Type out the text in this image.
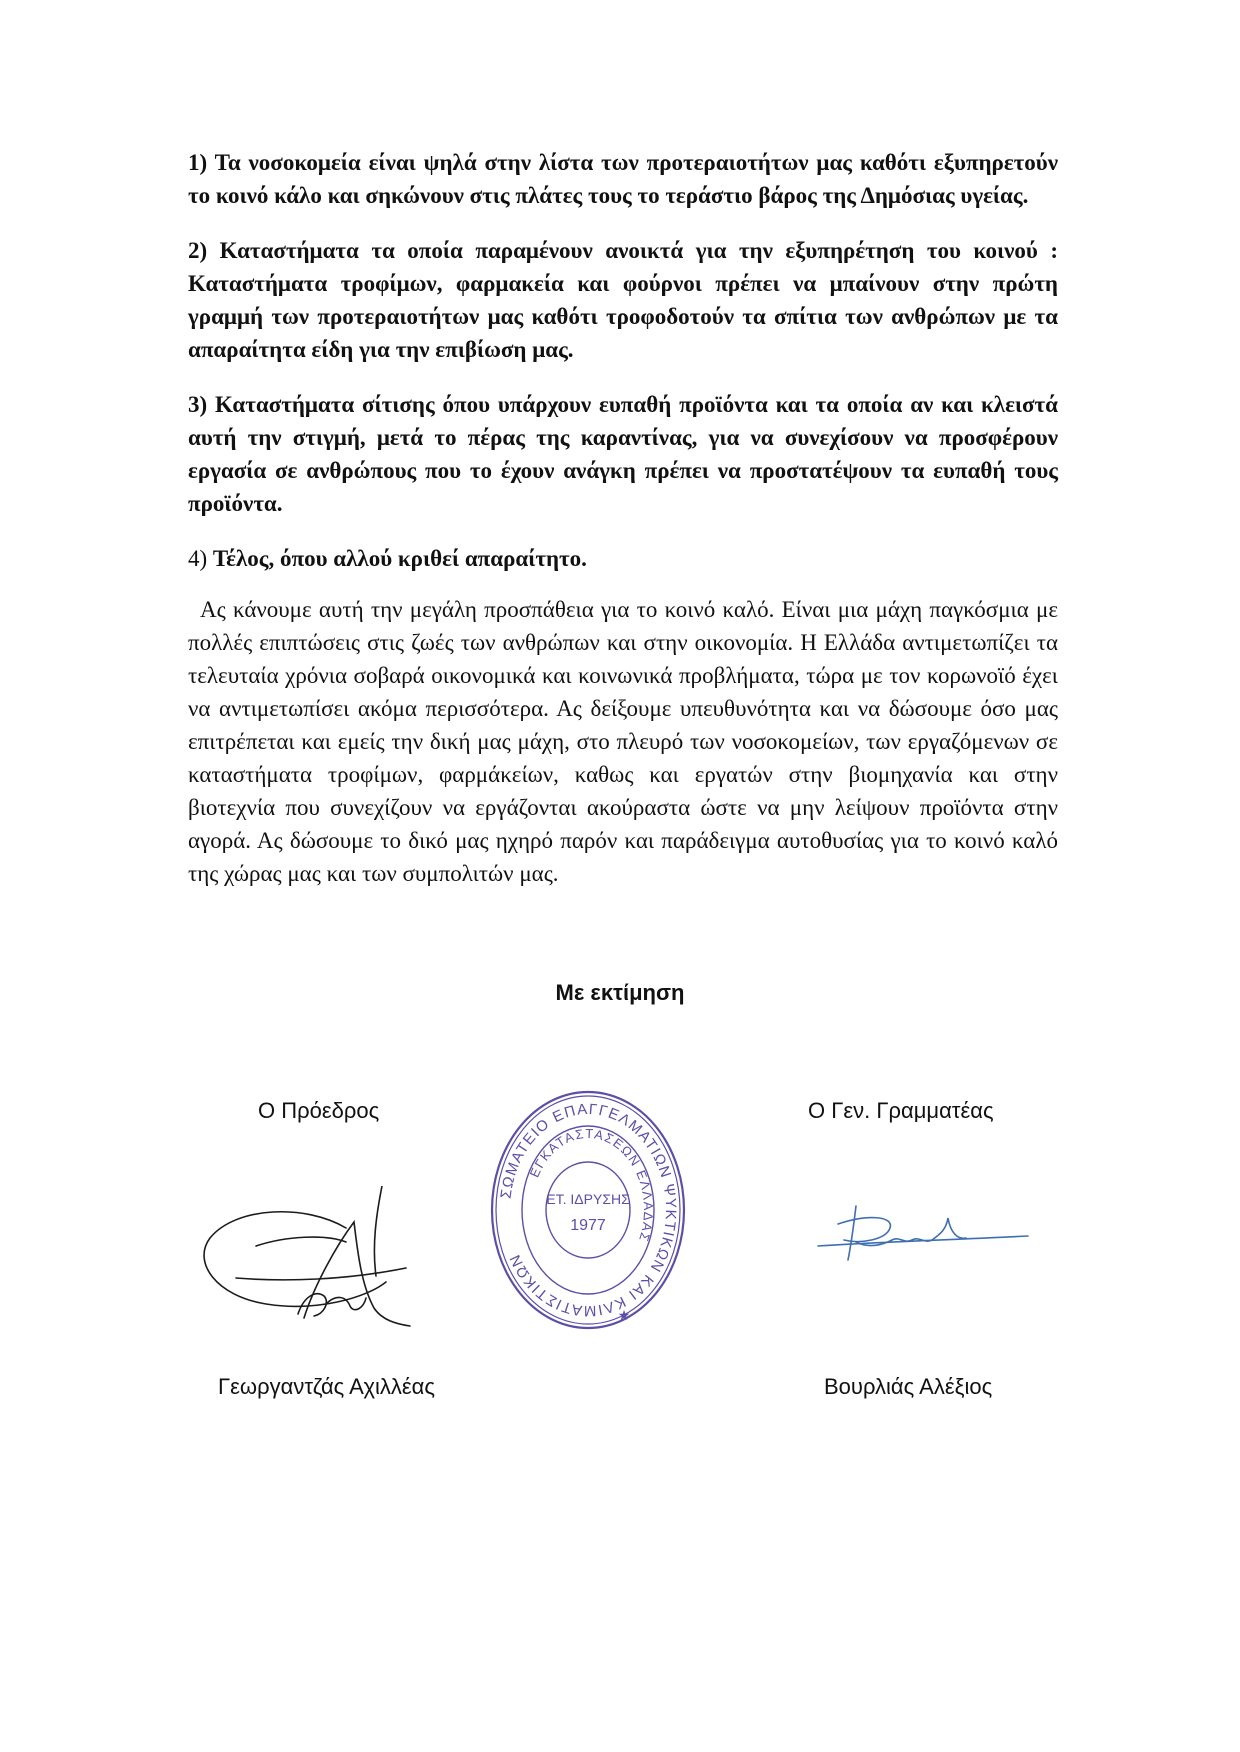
1) Τα νοσοκομεία είναι ψηλά στην λίστα των προτεραιοτήτων μας καθότι εξυπηρετούν το κοινό κάλο και σηκώνουν στις πλάτες τους το τεράστιο βάρος της Δημόσιας υγείας.

2) Καταστήματα τα οποία παραμένουν ανοικτά για την εξυπηρέτηση του κοινού : Καταστήματα τροφίμων, φαρμακεία και φούρνοι πρέπει να μπαίνουν στην πρώτη γραμμή των προτεραιοτήτων μας καθότι τροφοδοτούν τα σπίτια των ανθρώπων με τα απαραίτητα είδη για την επιβίωση μας.

3) Καταστήματα σίτισης όπου υπάρχουν ευπαθή προϊόντα και τα οποία αν και κλειστά αυτή την στιγμή, μετά το πέρας της καραντίνας, για να συνεχίσουν να προσφέρουν εργασία σε ανθρώπους που το έχουν ανάγκη πρέπει να προστατέψουν τα ευπαθή τους προϊόντα.

4) Τέλος, όπου αλλού κριθεί απαραίτητο.

Ας κάνουμε αυτή την μεγάλη προσπάθεια για το κοινό καλό. Είναι μια μάχη παγκόσμια με πολλές επιπτώσεις στις ζωές των ανθρώπων και στην οικονομία. Η Ελλάδα αντιμετωπίζει τα τελευταία χρόνια σοβαρά οικονομικά και κοινωνικά προβλήματα, τώρα με τον κορωνοϊό έχει να αντιμετωπίσει ακόμα περισσότερα. Ας δείξουμε υπευθυνότητα και να δώσουμε όσο μας επιτρέπεται και εμείς την δική μας μάχη, στο πλευρό των νοσοκομείων, των εργαζόμενων σε καταστήματα τροφίμων, φαρμάκείων, καθως και εργατών στην βιομηχανία και στην βιοτεχνία που συνεχίζουν να εργάζονται ακούραστα ώστε να μην λείψουν προϊόντα στην αγορά. Ας δώσουμε το δικό μας ηχηρό παρόν και παράδειγμα αυτοθυσίας για το κοινό καλό της χώρας μας και των συμπολιτών μας.

Με εκτίμηση
Ο Πρόεδρος	Ο Γεν. Γραμματέας
ΣΩΜΑΤΕΙΟ ΕΠΑΓΓΕΛΜΑΤΙΩΝ ΨΥΚΤΙΚΩΝ ΚΑΙ ΚΛΙΜΑΤΙΣΤΙΚΩΝ
ΕΓΚΑΤΑΣΤΑΣΕΩΝ ΕΛΛΑΔΑΣ
ΕΤ. ΙΔΡΥΣΗΣ
1977
★
Γεωργαντζάς Αχιλλέας	Βουρλιάς Αλέξιος
